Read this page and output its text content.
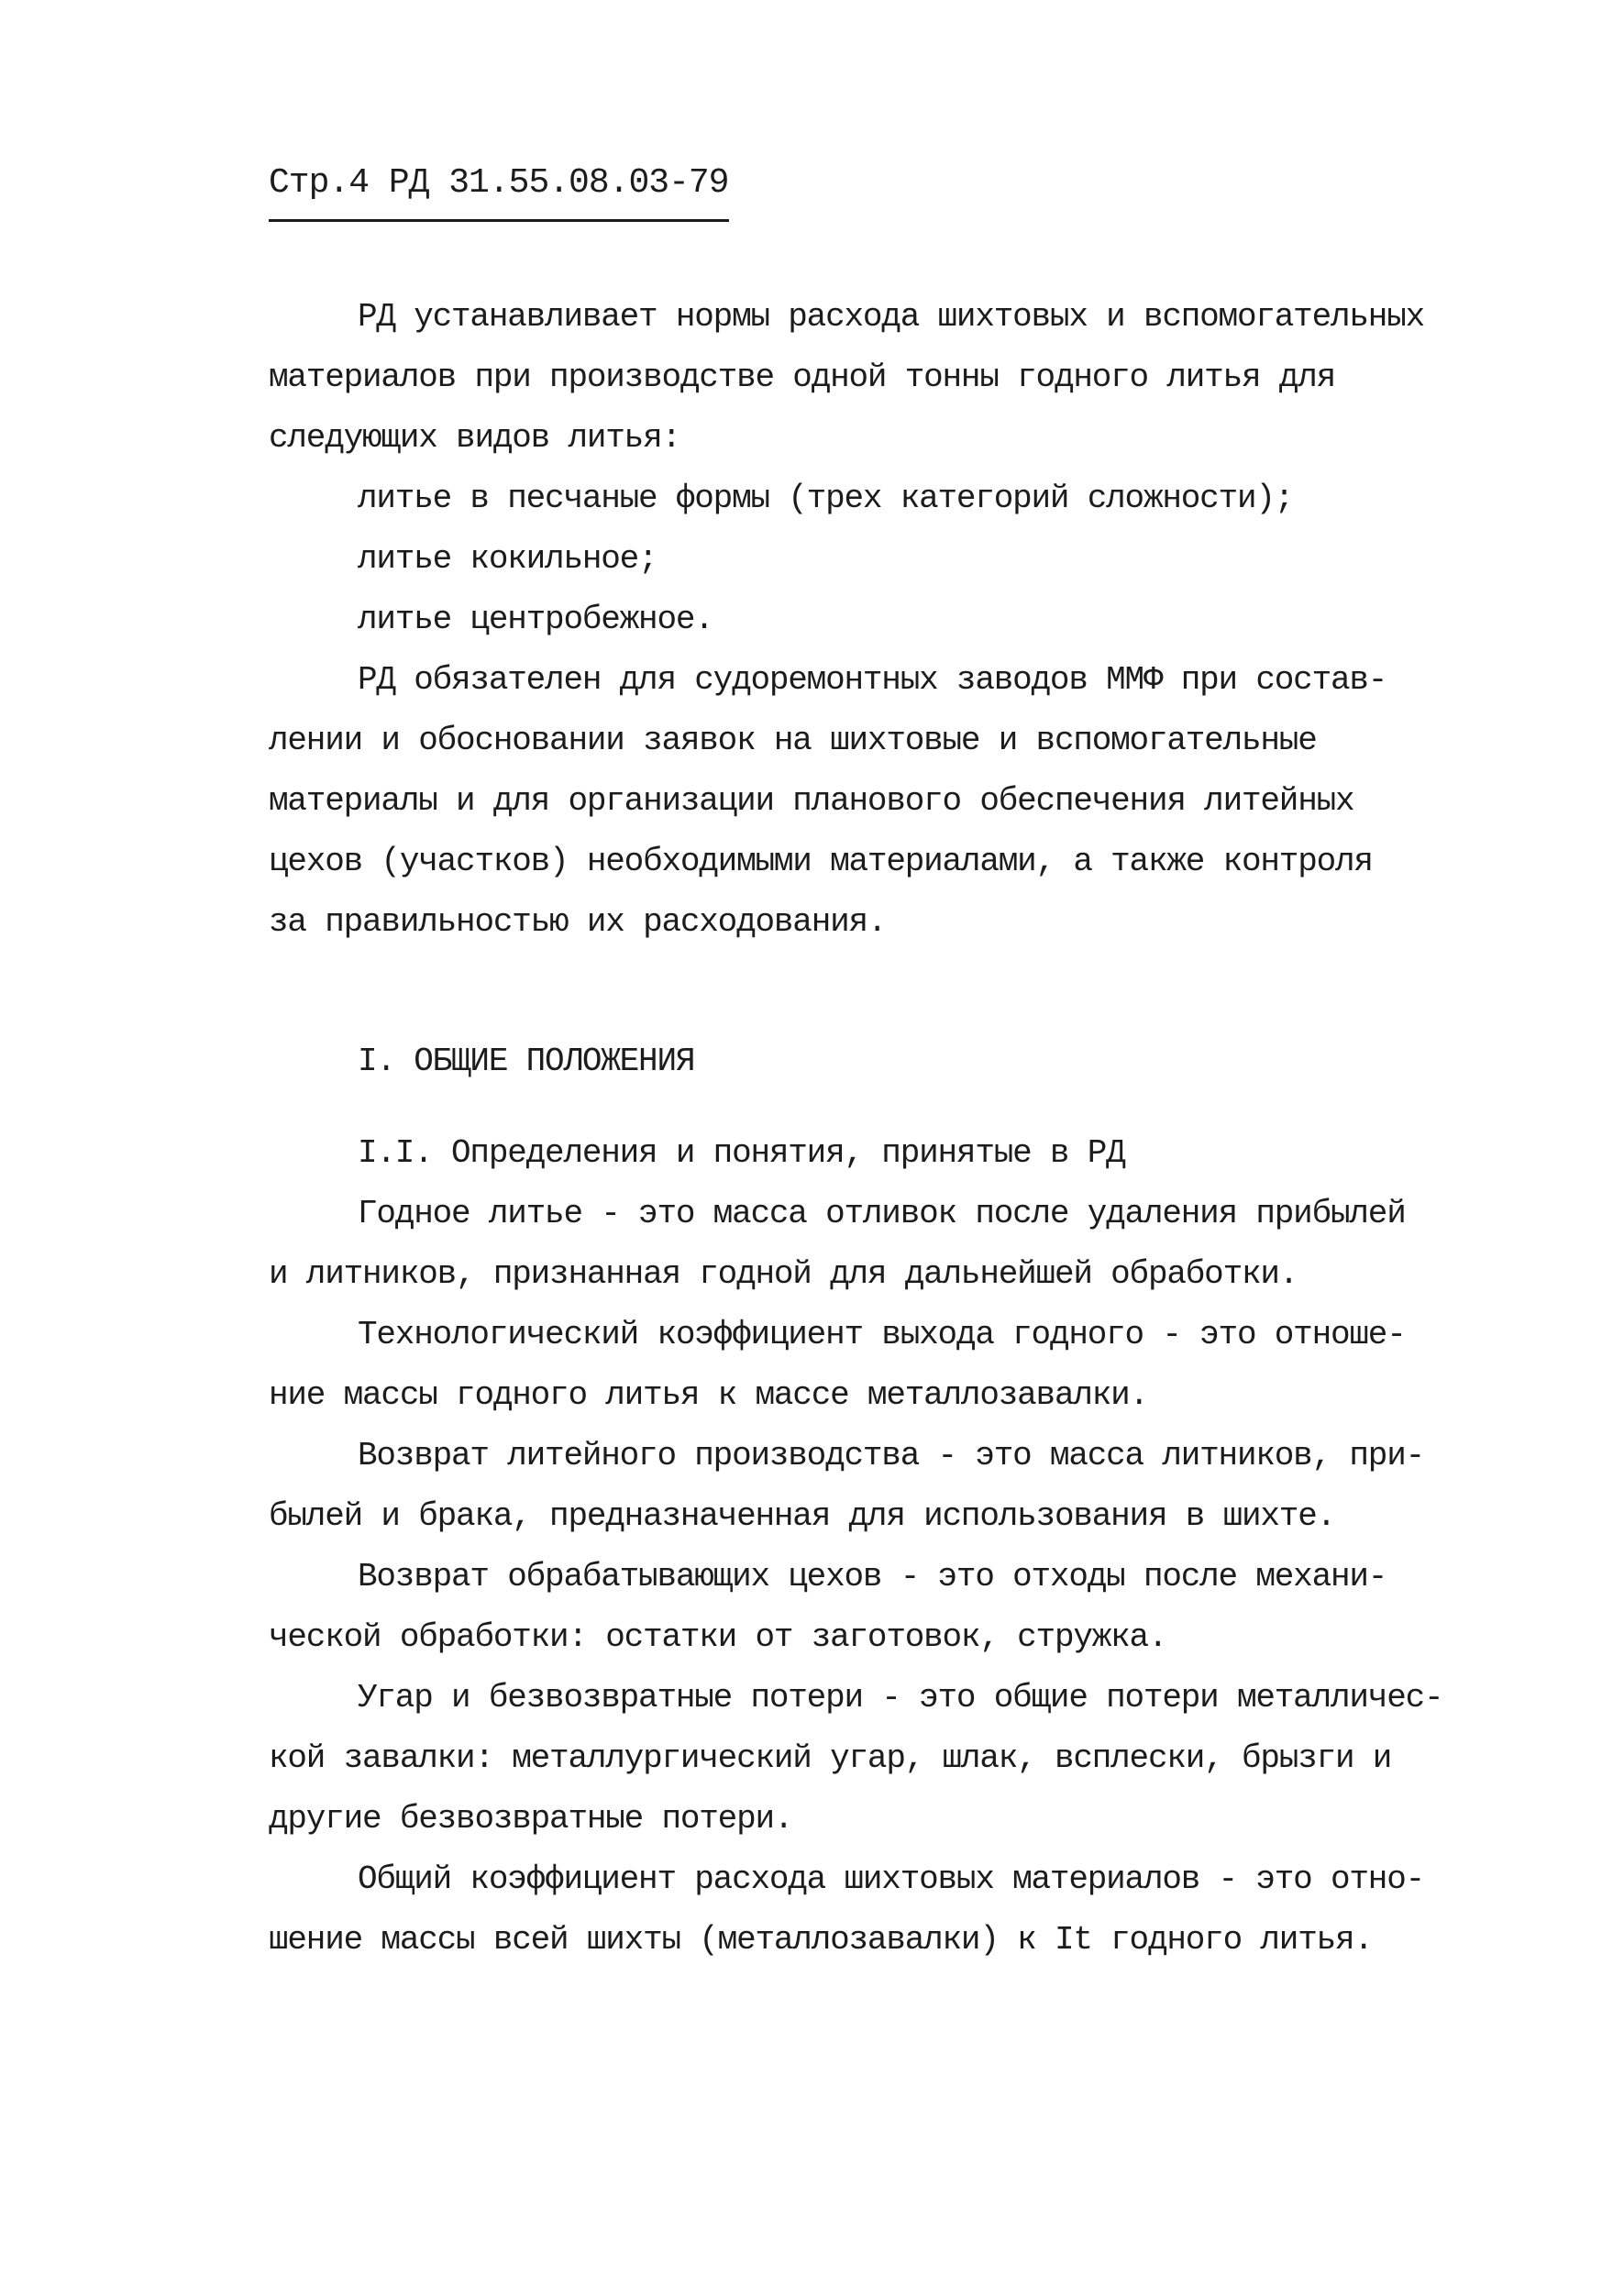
Стр.4 РД 31.55.08.03-79
РД устанавливает нормы расхода шихтовых и вспомогательных
материалов при производстве одной тонны годного литья для
следующих видов литья:
литье в песчаные формы (трех категорий сложности);
литье кокильное;
литье центробежное.
РД обязателен для судоремонтных заводов ММФ при состав-
лении и обосновании заявок на шихтовые и вспомогательные
материалы и для организации планового обеспечения литейных
цехов (участков) необходимыми материалами, а также контроля
за правильностью их расходования.
I. ОБЩИЕ ПОЛОЖЕНИЯ
I.I. Определения и понятия, принятые в РД
Годное литье - это масса отливок после удаления прибылей
и литников, признанная годной для дальнейшей обработки.
Технологический коэффициент выхода годного - это отноше-
ние массы годного литья к массе металлозавалки.
Возврат литейного производства - это масса литников, при-
былей и брака, предназначенная для использования в шихте.
Возврат обрабатывающих цехов - это отходы после механи-
ческой обработки: остатки от заготовок, стружка.
Угар и безвозвратные потери - это общие потери металличес-
кой завалки: металлургический угар, шлак, всплески, брызги и
другие безвозвратные потери.
Общий коэффициент расхода шихтовых материалов - это отно-
шение массы всей шихты (металлозавалки) к It годного литья.
